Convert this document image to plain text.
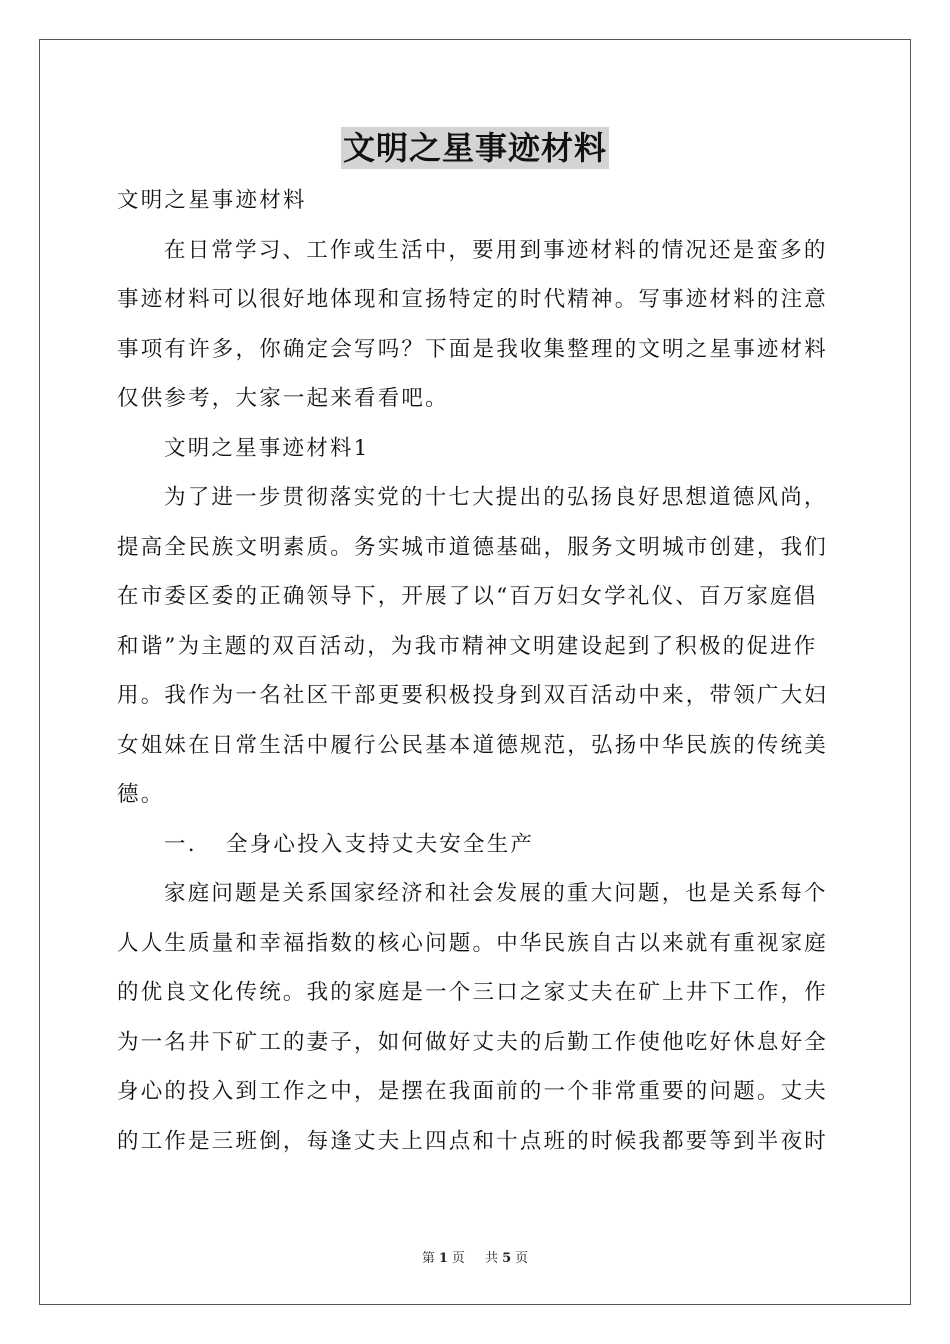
文明之星事迹材料
文明之星事迹材料
在日常学习、工作或生活中，要用到事迹材料的情况还是蛮多的
事迹材料可以很好地体现和宣扬特定的时代精神。写事迹材料的注意
事项有许多，你确定会写吗？下面是我收集整理的文明之星事迹材料
仅供参考，大家一起来看看吧。
文明之星事迹材料1
为了进一步贯彻落实党的十七大提出的弘扬良好思想道德风尚，
提高全民族文明素质。务实城市道德基础，服务文明城市创建，我们
在市委区委的正确领导下，开展了以“百万妇女学礼仪、百万家庭倡
和谐”为主题的双百活动，为我市精神文明建设起到了积极的促进作
用。我作为一名社区干部更要积极投身到双百活动中来，带领广大妇
女姐妹在日常生活中履行公民基本道德规范，弘扬中华民族的传统美
德。
一. 全身心投入支持丈夫安全生产
家庭问题是关系国家经济和社会发展的重大问题，也是关系每个
人人生质量和幸福指数的核心问题。中华民族自古以来就有重视家庭
的优良文化传统。我的家庭是一个三口之家丈夫在矿上井下工作，作
为一名井下矿工的妻子，如何做好丈夫的后勤工作使他吃好休息好全
身心的投入到工作之中，是摆在我面前的一个非常重要的问题。丈夫
的工作是三班倒，每逢丈夫上四点和十点班的时候我都要等到半夜时
第 1 页 共 5 页
